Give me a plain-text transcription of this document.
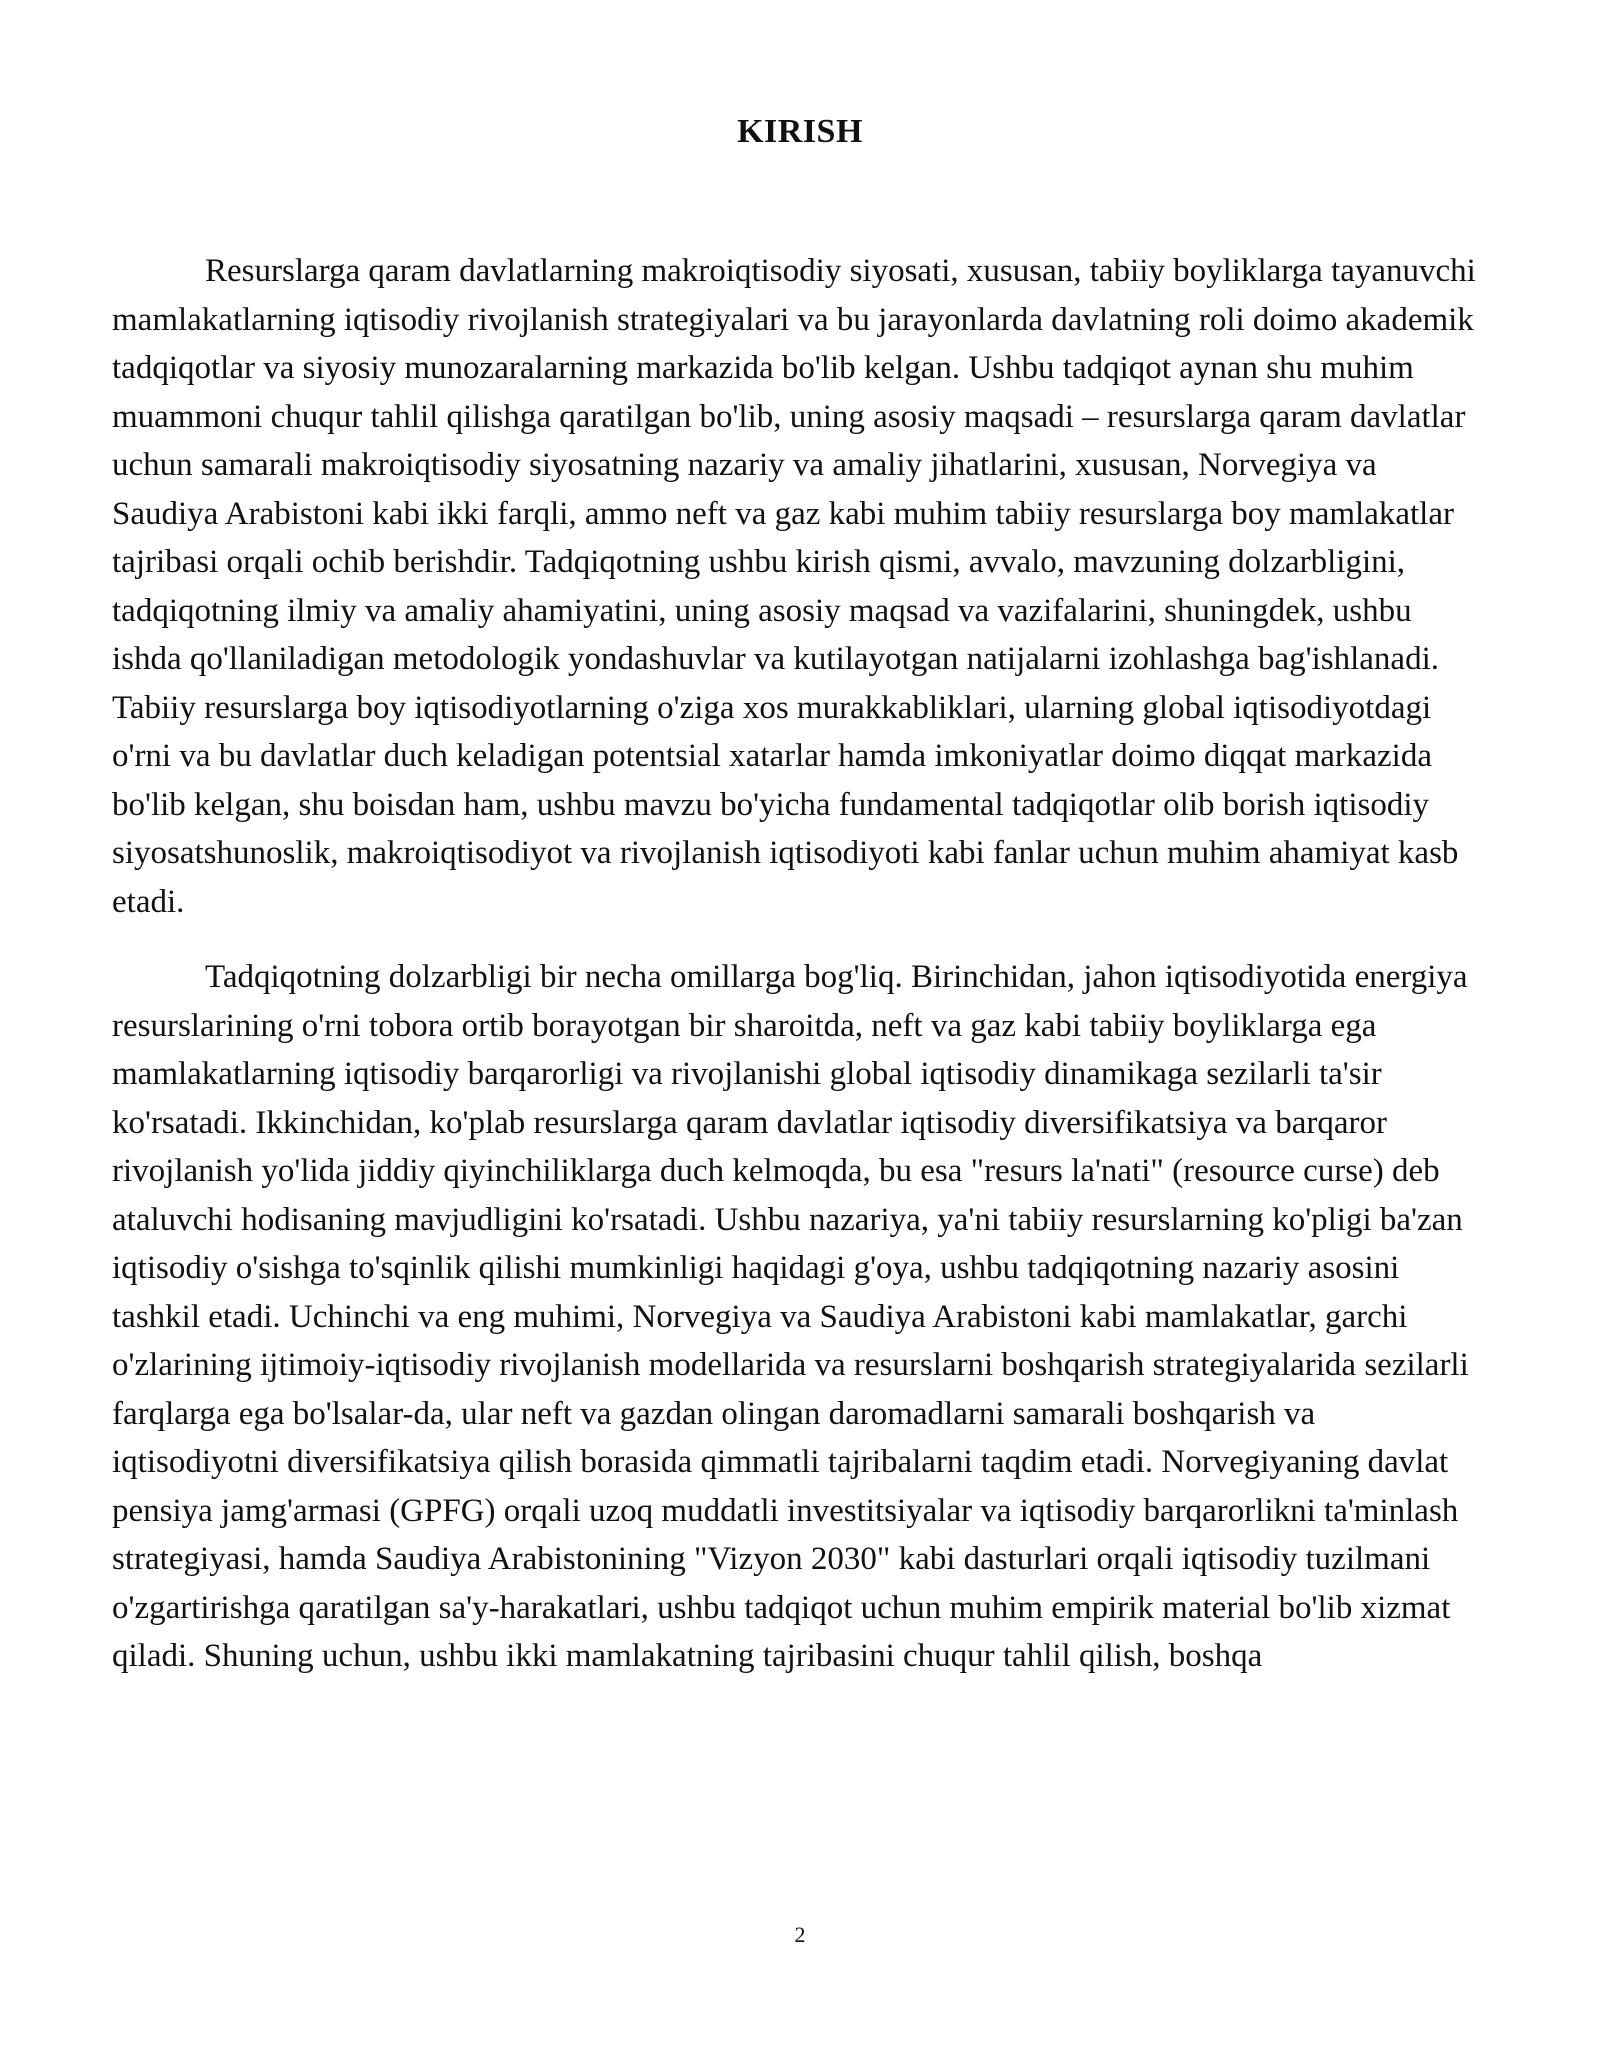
KIRISH

Resurslarga qaram davlatlarning makroiqtisodiy siyosati, xususan, tabiiy boyliklarga tayanuvchi mamlakatlarning iqtisodiy rivojlanish strategiyalari va bu jarayonlarda davlatning roli doimo akademik tadqiqotlar va siyosiy munozaralarning markazida bo'lib kelgan. Ushbu tadqiqot aynan shu muhim muammoni chuqur tahlil qilishga qaratilgan bo'lib, uning asosiy maqsadi – resurslarga qaram davlatlar uchun samarali makroiqtisodiy siyosatning nazariy va amaliy jihatlarini, xususan, Norvegiya va Saudiya Arabistoni kabi ikki farqli, ammo neft va gaz kabi muhim tabiiy resurslarga boy mamlakatlar tajribasi orqali ochib berishdir. Tadqiqotning ushbu kirish qismi, avvalo, mavzuning dolzarbligini, tadqiqotning ilmiy va amaliy ahamiyatini, uning asosiy maqsad va vazifalarini, shuningdek, ushbu ishda qo'llaniladigan metodologik yondashuvlar va kutilayotgan natijalarni izohlashga bag'ishlanadi. Tabiiy resurslarga boy iqtisodiyotlarning o'ziga xos murakkabliklari, ularning global iqtisodiyotdagi o'rni va bu davlatlar duch keladigan potentsial xatarlar hamda imkoniyatlar doimo diqqat markazida bo'lib kelgan, shu boisdan ham, ushbu mavzu bo'yicha fundamental tadqiqotlar olib borish iqtisodiy siyosatshunoslik, makroiqtisodiyot va rivojlanish iqtisodiyoti kabi fanlar uchun muhim ahamiyat kasb etadi.

Tadqiqotning dolzarbligi bir necha omillarga bog'liq. Birinchidan, jahon iqtisodiyotida energiya resurslarining o'rni tobora ortib borayotgan bir sharoitda, neft va gaz kabi tabiiy boyliklarga ega mamlakatlarning iqtisodiy barqarorligi va rivojlanishi global iqtisodiy dinamikaga sezilarli ta'sir ko'rsatadi. Ikkinchidan, ko'plab resurslarga qaram davlatlar iqtisodiy diversifikatsiya va barqaror rivojlanish yo'lida jiddiy qiyinchiliklarga duch kelmoqda, bu esa "resurs la'nati" (resource curse) deb ataluvchi hodisaning mavjudligini ko'rsatadi. Ushbu nazariya, ya'ni tabiiy resurslarning ko'pligi ba'zan iqtisodiy o'sishga to'sqinlik qilishi mumkinligi haqidagi g'oya, ushbu tadqiqotning nazariy asosini tashkil etadi. Uchinchi va eng muhimi, Norvegiya va Saudiya Arabistoni kabi mamlakatlar, garchi o'zlarining ijtimoiy-iqtisodiy rivojlanish modellarida va resurslarni boshqarish strategiyalarida sezilarli farqlarga ega bo'lsalar-da, ular neft va gazdan olingan daromadlarni samarali boshqarish va iqtisodiyotni diversifikatsiya qilish borasida qimmatli tajribalarni taqdim etadi. Norvegiyaning davlat pensiya jamg'armasi (GPFG) orqali uzoq muddatli investitsiyalar va iqtisodiy barqarorlikni ta'minlash strategiyasi, hamda Saudiya Arabistonining "Vizyon 2030" kabi dasturlari orqali iqtisodiy tuzilmani o'zgartirishga qaratilgan sa'y-harakatlari, ushbu tadqiqot uchun muhim empirik material bo'lib xizmat qiladi. Shuning uchun, ushbu ikki mamlakatning tajribasini chuqur tahlil qilish, boshqa

2
